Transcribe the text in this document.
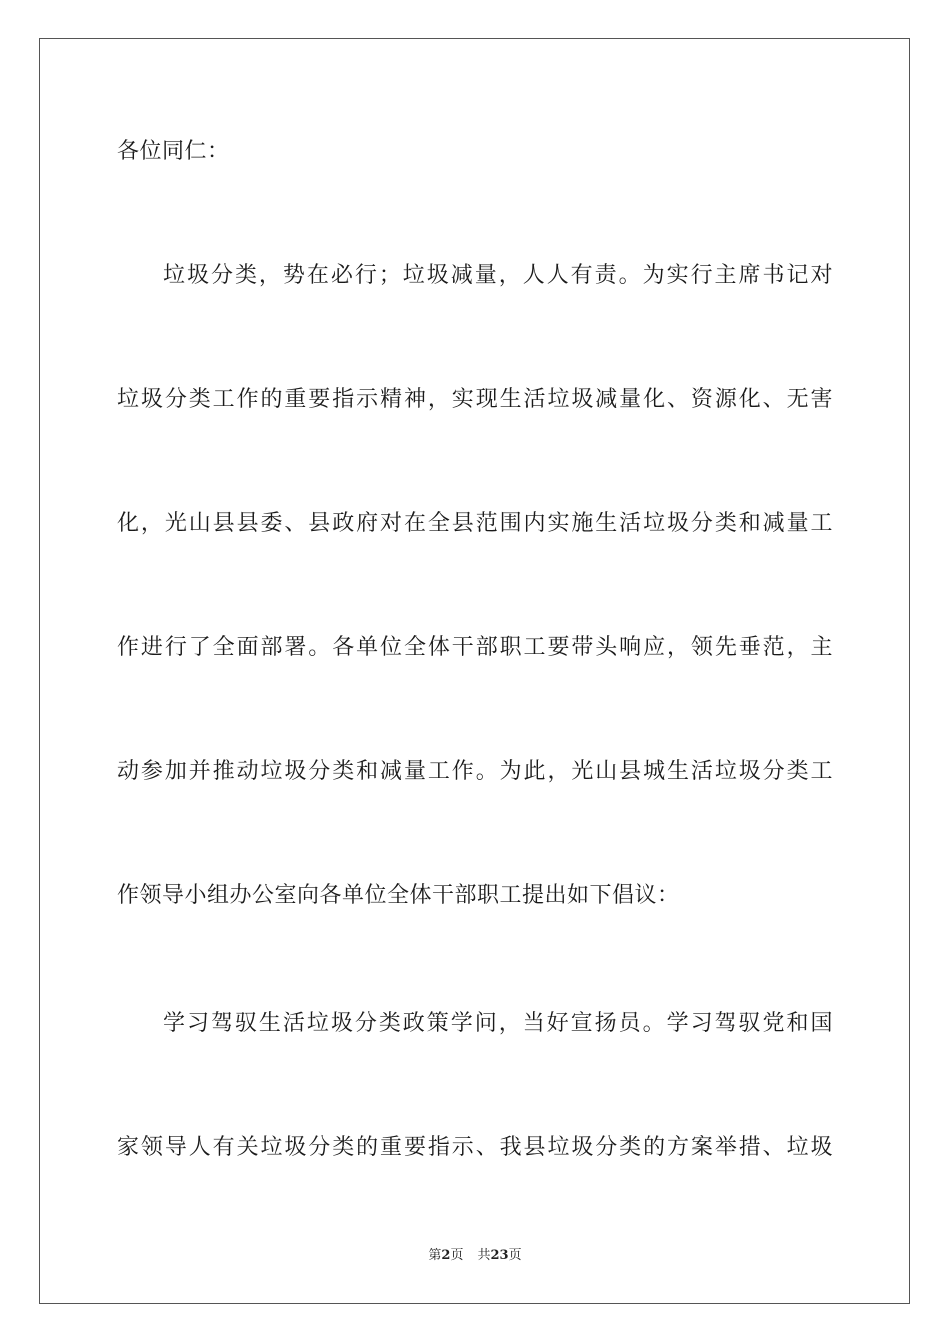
各位同仁：
垃圾分类，势在必行；垃圾减量，人人有责。为实行主席书记对
垃圾分类工作的重要指示精神，实现生活垃圾减量化、资源化、无害
化，光山县县委、县政府对在全县范围内实施生活垃圾分类和减量工
作进行了全面部署。各单位全体干部职工要带头响应，领先垂范，主
动参加并推动垃圾分类和减量工作。为此，光山县城生活垃圾分类工
作领导小组办公室向各单位全体干部职工提出如下倡议：
学习驾驭生活垃圾分类政策学问，当好宣扬员。学习驾驭党和国
家领导人有关垃圾分类的重要指示、我县垃圾分类的方案举措、垃圾
第2页 共23页
